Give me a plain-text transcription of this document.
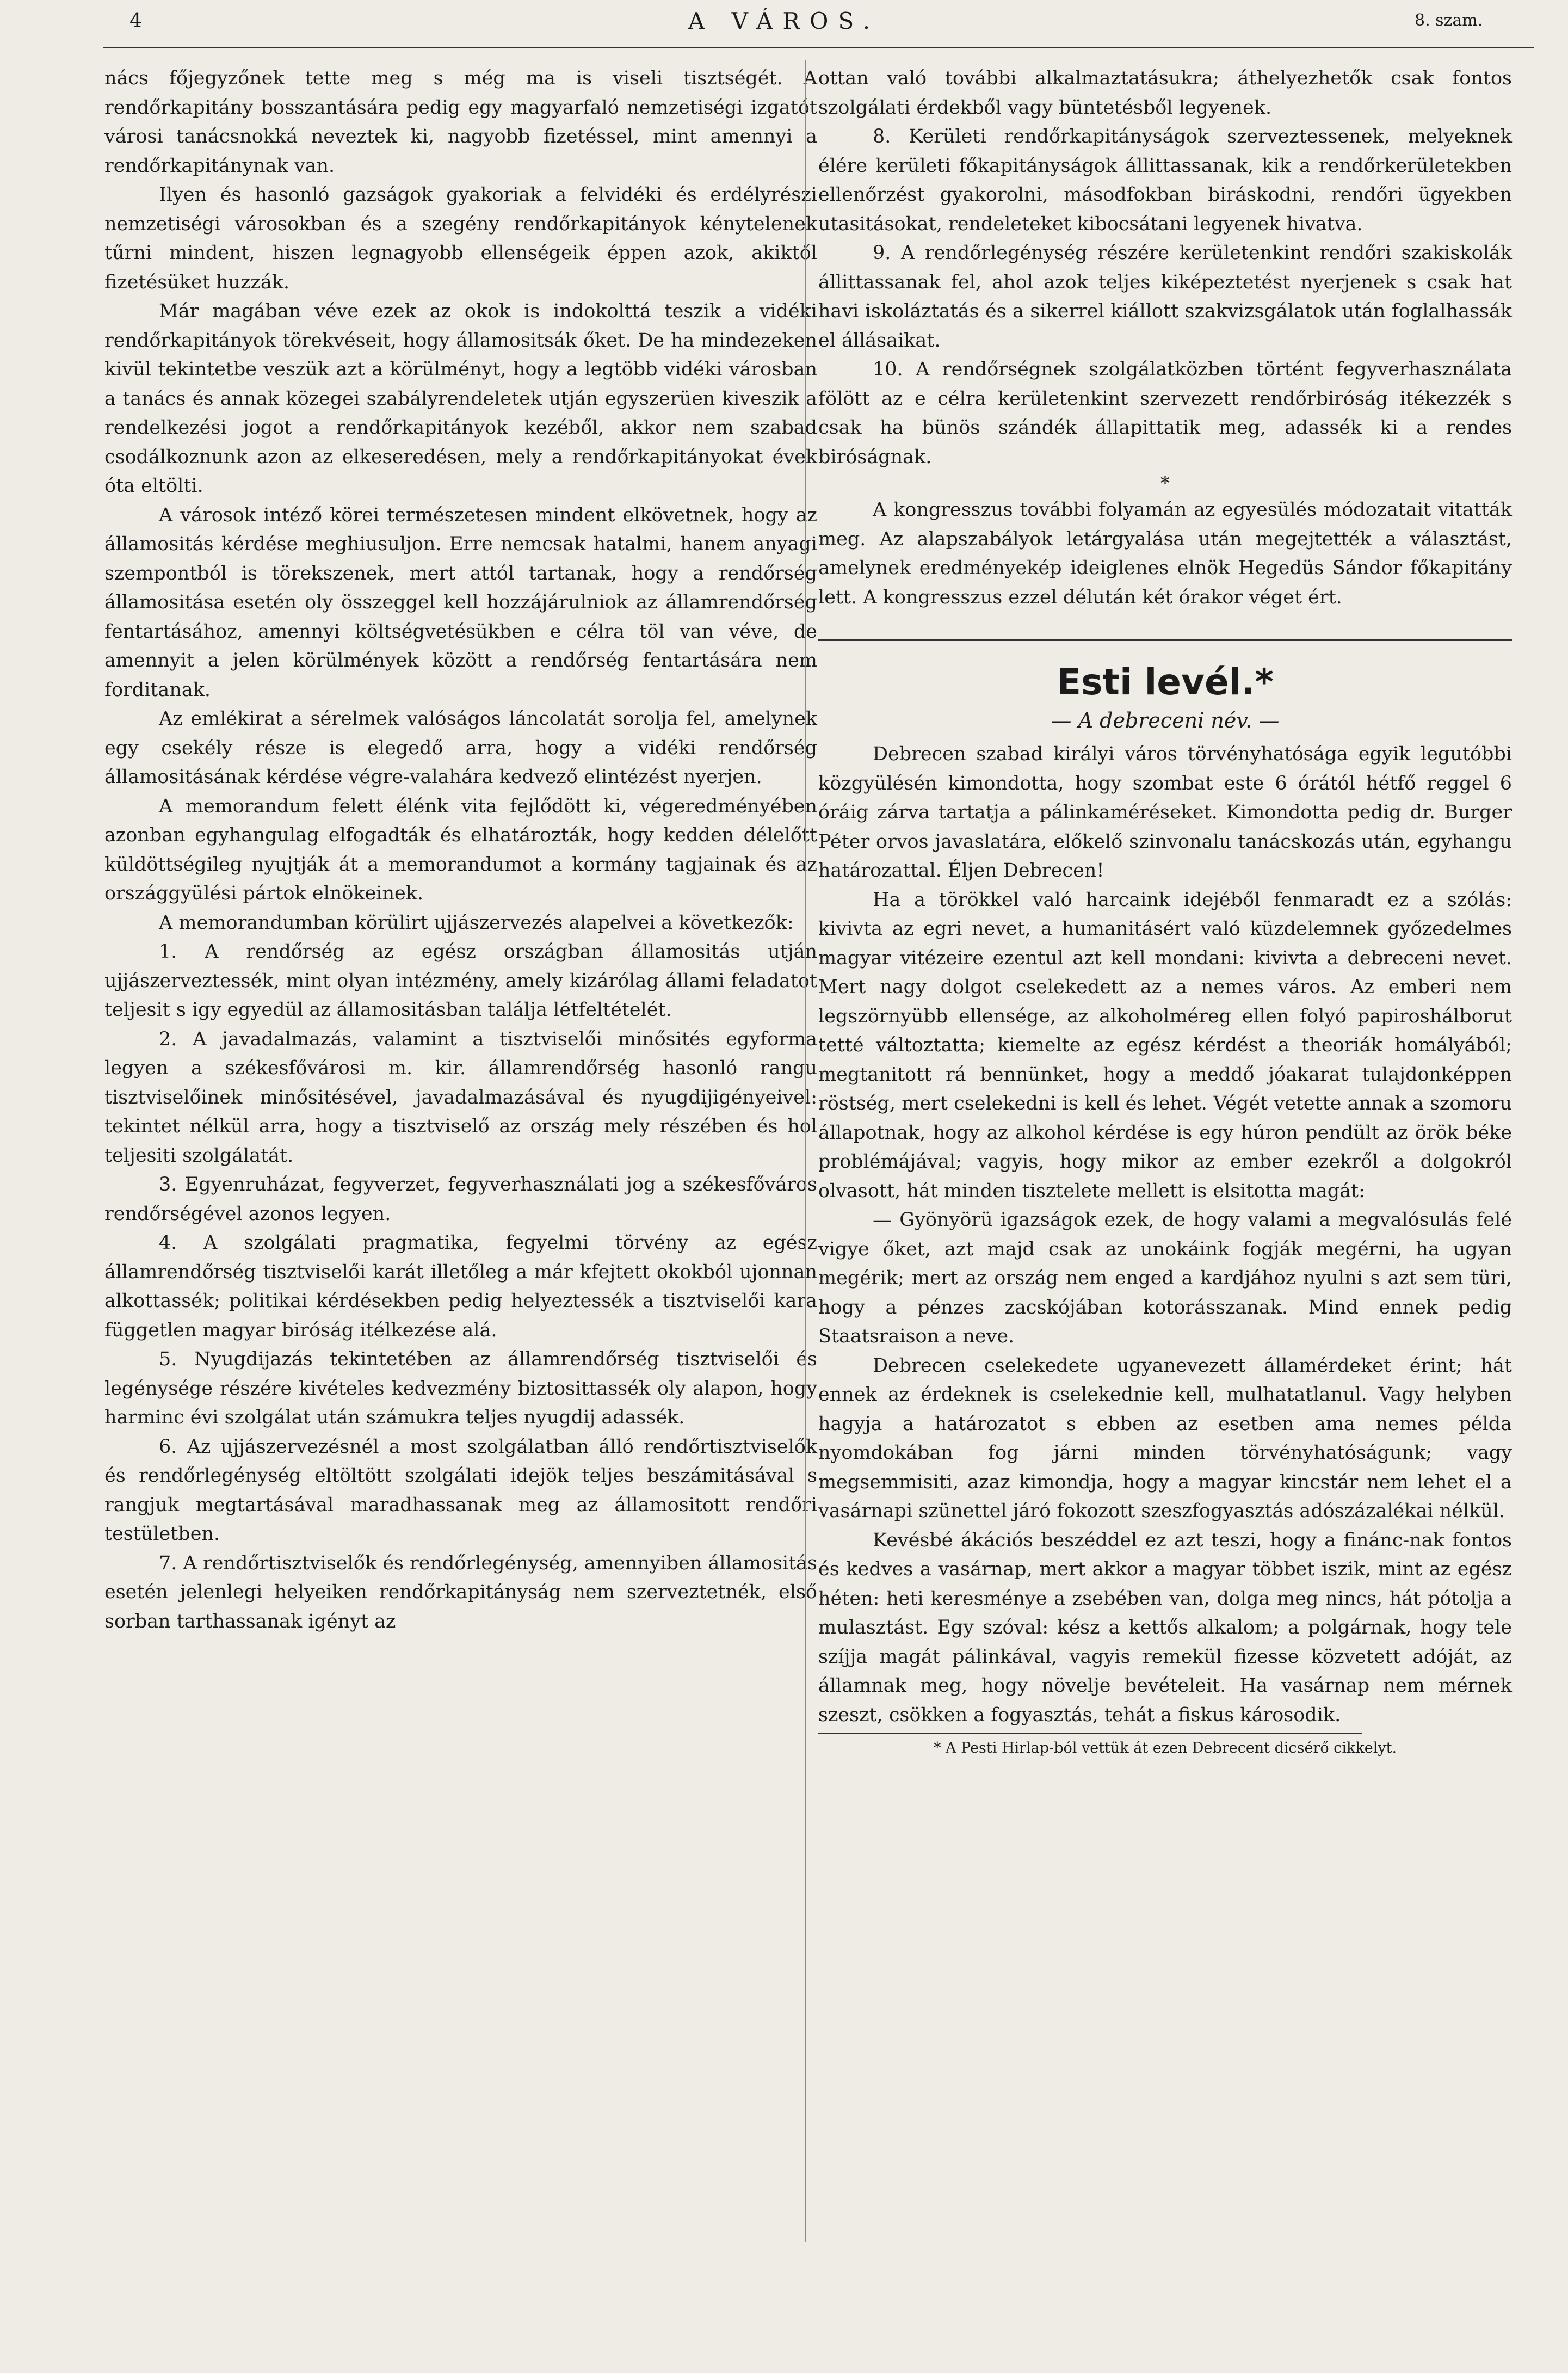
4	A VÁROS.	8. szam.

nács főjegyzőnek tette meg s még ma is viseli tisztségét. A rendőrkapitány bosszantására pedig egy magyarfaló nemzetiségi izgatót városi tanácsnokká neveztek ki, nagyobb fizetéssel, mint amennyi a rendőrkapitánynak van.

Ilyen és hasonló gazságok gyakoriak a felvidéki és erdélyrészi nemzetiségi városokban és a szegény rendőrkapitányok kénytelenek tűrni mindent, hiszen legnagyobb ellenségeik éppen azok, akiktől fizetésüket huzzák.

Már magában véve ezek az okok is indokolttá teszik a vidéki rendőrkapitányok törekvéseit, hogy államositsák őket. De ha mindezeken kivül tekintetbe veszük azt a körülményt, hogy a legtöbb vidéki városban a tanács és annak közegei szabályrendeletek utján egyszerüen kiveszik a rendelkezési jogot a rendőrkapitányok kezéből, akkor nem szabad csodálkoznunk azon az elkeseredésen, mely a rendőrkapitányokat évek óta eltölti.

A városok intéző körei természetesen mindent elkövetnek, hogy az államositás kérdése meghiusuljon. Erre nemcsak hatalmi, hanem anyagi szempontból is törekszenek, mert attól tartanak, hogy a rendőrség államositása esetén oly összeggel kell hozzájárulniok az államrendőrség fentartásához, amennyi költségvetésükben e célra töl van véve, de amennyit a jelen körülmények között a rendőrség fentartására nem forditanak.

Az emlékirat a sérelmek valóságos láncolatát sorolja fel, amelynek egy csekély része is elegedő arra, hogy a vidéki rendőrség államositásának kérdése végre-valahára kedvező elintézést nyerjen.

A memorandum felett élénk vita fejlődött ki, végeredményében azonban egyhangulag elfogadták és elhatározták, hogy kedden délelőtt küldöttségileg nyujtják át a memorandumot a kormány tagjainak és az országgyülési pártok elnökeinek.

A memorandumban körülirt ujjászervezés alapelvei a következők:

1. A rendőrség az egész országban államositás utján ujjászerveztessék, mint olyan intézmény, amely kizárólag állami feladatot teljesit s igy egyedül az államositásban találja létfeltételét.

2. A javadalmazás, valamint a tisztviselői minősités egyforma legyen a székesfővárosi m. kir. államrendőrség hasonló rangu tisztviselőinek minősitésével, javadalmazásával és nyugdijigényeivel: tekintet nélkül arra, hogy a tisztviselő az ország mely részében és hol teljesiti szolgálatát.

3. Egyenruházat, fegyverzet, fegyverhasználati jog a székesfőváros rendőrségével azonos legyen.

4. A szolgálati pragmatika, fegyelmi törvény az egész államrendőrség tisztviselői karát illetőleg a már kfejtett okokból ujonnan alkottassék; politikai kérdésekben pedig helyeztessék a tisztviselői kara független magyar biróság itélkezése alá.

5. Nyugdijazás tekintetében az államrendőrség tisztviselői és legénysége részére kivételes kedvezmény biztosittassék oly alapon, hogy harminc évi szolgálat után számukra teljes nyugdij adassék.

6. Az ujjászervezésnél a most szolgálatban álló rendőrtisztviselők és rendőrlegénység eltöltött szolgálati idejök teljes beszámitásával s rangjuk megtartásával maradhassanak meg az államositott rendőri testületben.

7. A rendőrtisztviselők és rendőrlegénység, amennyiben államositás esetén jelenlegi helyeiken rendőrkapitányság nem szerveztetnék, első sorban tarthassanak igényt az

ottan való további alkalmaztatásukra; áthelyezhetők csak fontos szolgálati érdekből vagy büntetésből legyenek.

8. Kerületi rendőrkapitányságok szerveztessenek, melyeknek élére kerületi főkapitányságok állittassanak, kik a rendőrkerületekben ellenőrzést gyakorolni, másodfokban biráskodni, rendőri ügyekben utasitásokat, rendeleteket kibocsátani legyenek hivatva.

9. A rendőrlegénység részére kerületenkint rendőri szakiskolák állittassanak fel, ahol azok teljes kiképeztetést nyerjenek s csak hat havi iskoláztatás és a sikerrel kiállott szakvizsgálatok után foglalhassák el állásaikat.

10. A rendőrségnek szolgálatközben történt fegyverhasználata fölött az e célra kerületenkint szervezett rendőrbiróság itékezzék s csak ha bünös szándék állapittatik meg, adassék ki a rendes biróságnak.

*

A kongresszus további folyamán az egyesülés módozatait vitatták meg. Az alapszabályok letárgyalása után megejtették a választást, amelynek eredményekép ideiglenes elnök Hegedüs Sándor főkapitány lett. A kongresszus ezzel délután két órakor véget ért.

Esti levél.*
— A debreceni név. —

Debrecen szabad királyi város törvényhatósága egyik legutóbbi közgyülésén kimondotta, hogy szombat este 6 órától hétfő reggel 6 óráig zárva tartatja a pálinkaméréseket. Kimondotta pedig dr. Burger Péter orvos javaslatára, előkelő szinvonalu tanácskozás után, egyhangu határozattal. Éljen Debrecen!

Ha a törökkel való harcaink idejéből fenmaradt ez a szólás: kivivta az egri nevet, a humanitásért való küzdelemnek győzedelmes magyar vitézeire ezentul azt kell mondani: kivivta a debreceni nevet. Mert nagy dolgot cselekedett az a nemes város. Az emberi nem legszörnyübb ellensége, az alkoholméreg ellen folyó papiroshálborut tetté változtatta; kiemelte az egész kérdést a theoriák homályából; megtanitott rá bennünket, hogy a meddő jóakarat tulajdonképpen röstség, mert cselekedni is kell és lehet. Végét vetette annak a szomoru állapotnak, hogy az alkohol kérdése is egy húron pendült az örök béke problémájával; vagyis, hogy mikor az ember ezekről a dolgokról olvasott, hát minden tisztelete mellett is elsitotta magát:

— Gyönyörü igazságok ezek, de hogy valami a megvalósulás felé vigye őket, azt majd csak az unokáink fogják megérni, ha ugyan megérik; mert az ország nem enged a kardjához nyulni s azt sem türi, hogy a pénzes zacskójában kotorásszanak. Mind ennek pedig Staatsraison a neve.

Debrecen cselekedete ugyanevezett államérdeket érint; hát ennek az érdeknek is cselekednie kell, mulhatatlanul. Vagy helyben hagyja a határozatot s ebben az esetben ama nemes példa nyomdokában fog járni minden törvényhatóságunk; vagy megsemmisiti, azaz kimondja, hogy a magyar kincstár nem lehet el a vasárnapi szünettel járó fokozott szeszfogyasztás adószázalékai nélkül.

Kevésbé ákációs beszéddel ez azt teszi, hogy a finánc-nak fontos és kedves a vasárnap, mert akkor a magyar többet iszik, mint az egész héten: heti keresménye a zsebében van, dolga meg nincs, hát pótolja a mulasztást. Egy szóval: kész a kettős alkalom; a polgárnak, hogy tele szíjja magát pálinkával, vagyis remekül fizesse közvetett adóját, az államnak meg, hogy növelje bevételeit. Ha vasárnap nem mérnek szeszt, csökken a fogyasztás, tehát a fiskus károsodik.

* A Pesti Hirlap-ból vettük át ezen Debrecent dicsérő cikkelyt.
